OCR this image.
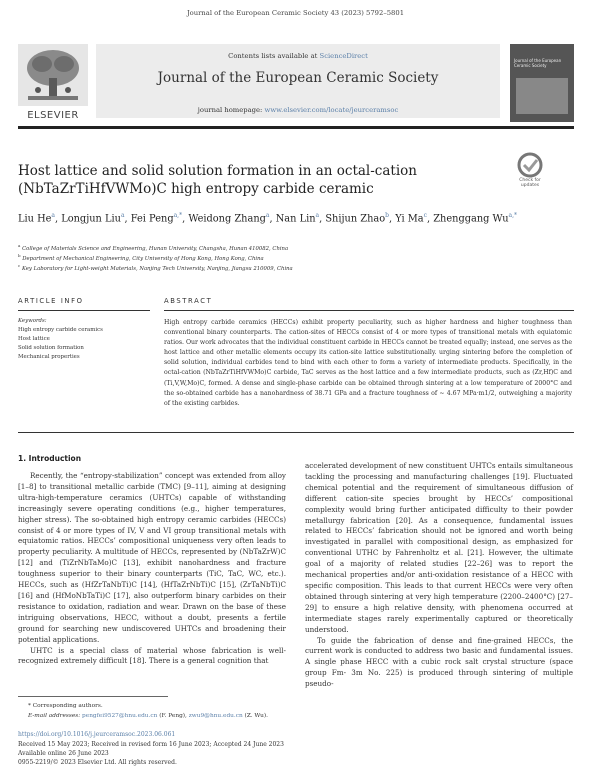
Journal of the European Ceramic Society 43 (2023) 5792–5801
Contents lists available at ScienceDirect
Journal of the European Ceramic Society
journal homepage: www.elsevier.com/locate/jeurceramsoc
ELSEVIER
Journal of the European Ceramic Society
Host lattice and solid solution formation in an octal-cation
(NbTaZrTiHfVWMo)C high entropy carbide ceramic
Check for
updates
Liu He$^a$, Longjun Liu$^a$, Fei Peng$^{a,*}$, Weidong Zhang$^a$, Nan Lin$^a$, Shijun Zhao$^b$, Yi Ma$^c$, Zhenggang $Wu^{a,*}$
$^a$ College of Materials Science and Engineering, Hunan University, Changsha, Hunan 410082, China
$^b$ Department of Mechanical Engineering, City University of Hong Kong, Hong Kong, China
$^c$ Key Laboratory for Light-weight Materials, Nanjing Tech University, Nanjing, Jiangsu 210009, China
ARTICLE INFO	ABSTRACT
Keywords:
High entropy carbide ceramics
Host lattice
Solid solution formation
Mechanical properties
High entropy carbide ceramics (HECCs) exhibit property peculiarity, such as higher hardness and higher toughness than conventional binary counterparts. The cation-sites of HECCs consist of 4 or more types of transitional metals with equiatomic ratios. Our work advocates that the individual constituent carbide in HECCs cannot be treated equally; instead, one serves as the host lattice and other metallic elements occupy its cation-site lattice substitutionally. urging sintering before the completion of solid solution, individual carbides tend to bind with each other to form a variety of intermediate products. Specifically, in the octal-cation (NbTaZrTiHfVWMo)C carbide, TaC serves as the host lattice and a few intermediate products, such as (Zr,Hf)C and (Ti,V,W,Mo)C, formed. A dense and single-phase carbide can be obtained through sintering at a low temperature of 2000°C and the so-obtained carbide has a nanohardness of 38.71 GPa and a fracture toughness of ~ 4.67 MPa·m1/2, outweighing a majority of the existing carbides.
1. Introduction

Recently, the “entropy-stabilization” concept was extended from alloy [1–8] to transitional metallic carbide (TMC) [9–11], aiming at designing ultra-high-temperature ceramics (UHTCs) capable of withstanding increasingly severe operating conditions (e.g., higher temperatures, higher stress). The so-obtained high entropy ceramic carbides (HECCs) consist of 4 or more types of IV, V and VI group transitional metals with equiatomic ratios. HECCs’ compositional uniqueness very often leads to property peculiarity. A multitude of HECCs, represented by (NbTaZrW)C [12] and (TiZrNbTaMo)C [13], exhibit nanohardness and fracture toughness superior to their binary counterparts (TiC, TaC, WC, etc.). HECCs, such as (HfZrTaNbTi)C [14], (HfTaZrNbTi)C [15], (ZrTaNbTi)C [16] and (HfMoNbTaTi)C [17], also outperform binary carbides on their resistance to oxidation, radiation and wear. Drawn on the base of these intriguing observations, HECC, without a doubt, presents a fertile ground for searching new undiscovered UHTCs and broadening their potential applications.

UHTC is a special class of material whose fabrication is well-recognized extremely difficult [18]. There is a general cognition that

accelerated development of new constituent UHTCs entails simultaneous tackling the processing and manufacturing challenges [19]. Fluctuated chemical potential and the requirement of simultaneous diffusion of different cation-site species brought by HECCs’ compositional complexity would bring further anticipated difficulty to their powder metallurgy fabrication [20]. As a consequence, fundamental issues related to HECCs’ fabrication should not be ignored and worth being investigated in parallel with compositional design, as emphasized for conventional UTHC by Fahrenholtz et al. [21]. However, the ultimate goal of a majority of related studies [22–26] was to report the mechanical properties and/or anti-oxidation resistance of a HECC with specific composition. This leads to that current HECCs were very often obtained through sintering at very high temperature (2200–2400°C) [27–29] to ensure a high relative density, with phenomena occurred at intermediate stages rarely experimentally captured or theoretically understood.

To guide the fabrication of dense and fine-grained HECCs, the current work is conducted to address two basic and fundamental issues. A single phase HECC with a cubic rock salt crystal structure (space group Fm- 3m No. 225) is produced through sintering of multiple pseudo-

* Corresponding authors.
E-mail addresses: pengfei9527@hnu.edu.cn (F. Peng), zwu9@hnu.edu.cn (Z. Wu).
https://doi.org/10.1016/j.jeurceramsoc.2023.06.061
Received 15 May 2023; Received in revised form 16 June 2023; Accepted 24 June 2023
Available online 26 June 2023
0955-2219/© 2023 Elsevier Ltd. All rights reserved.
